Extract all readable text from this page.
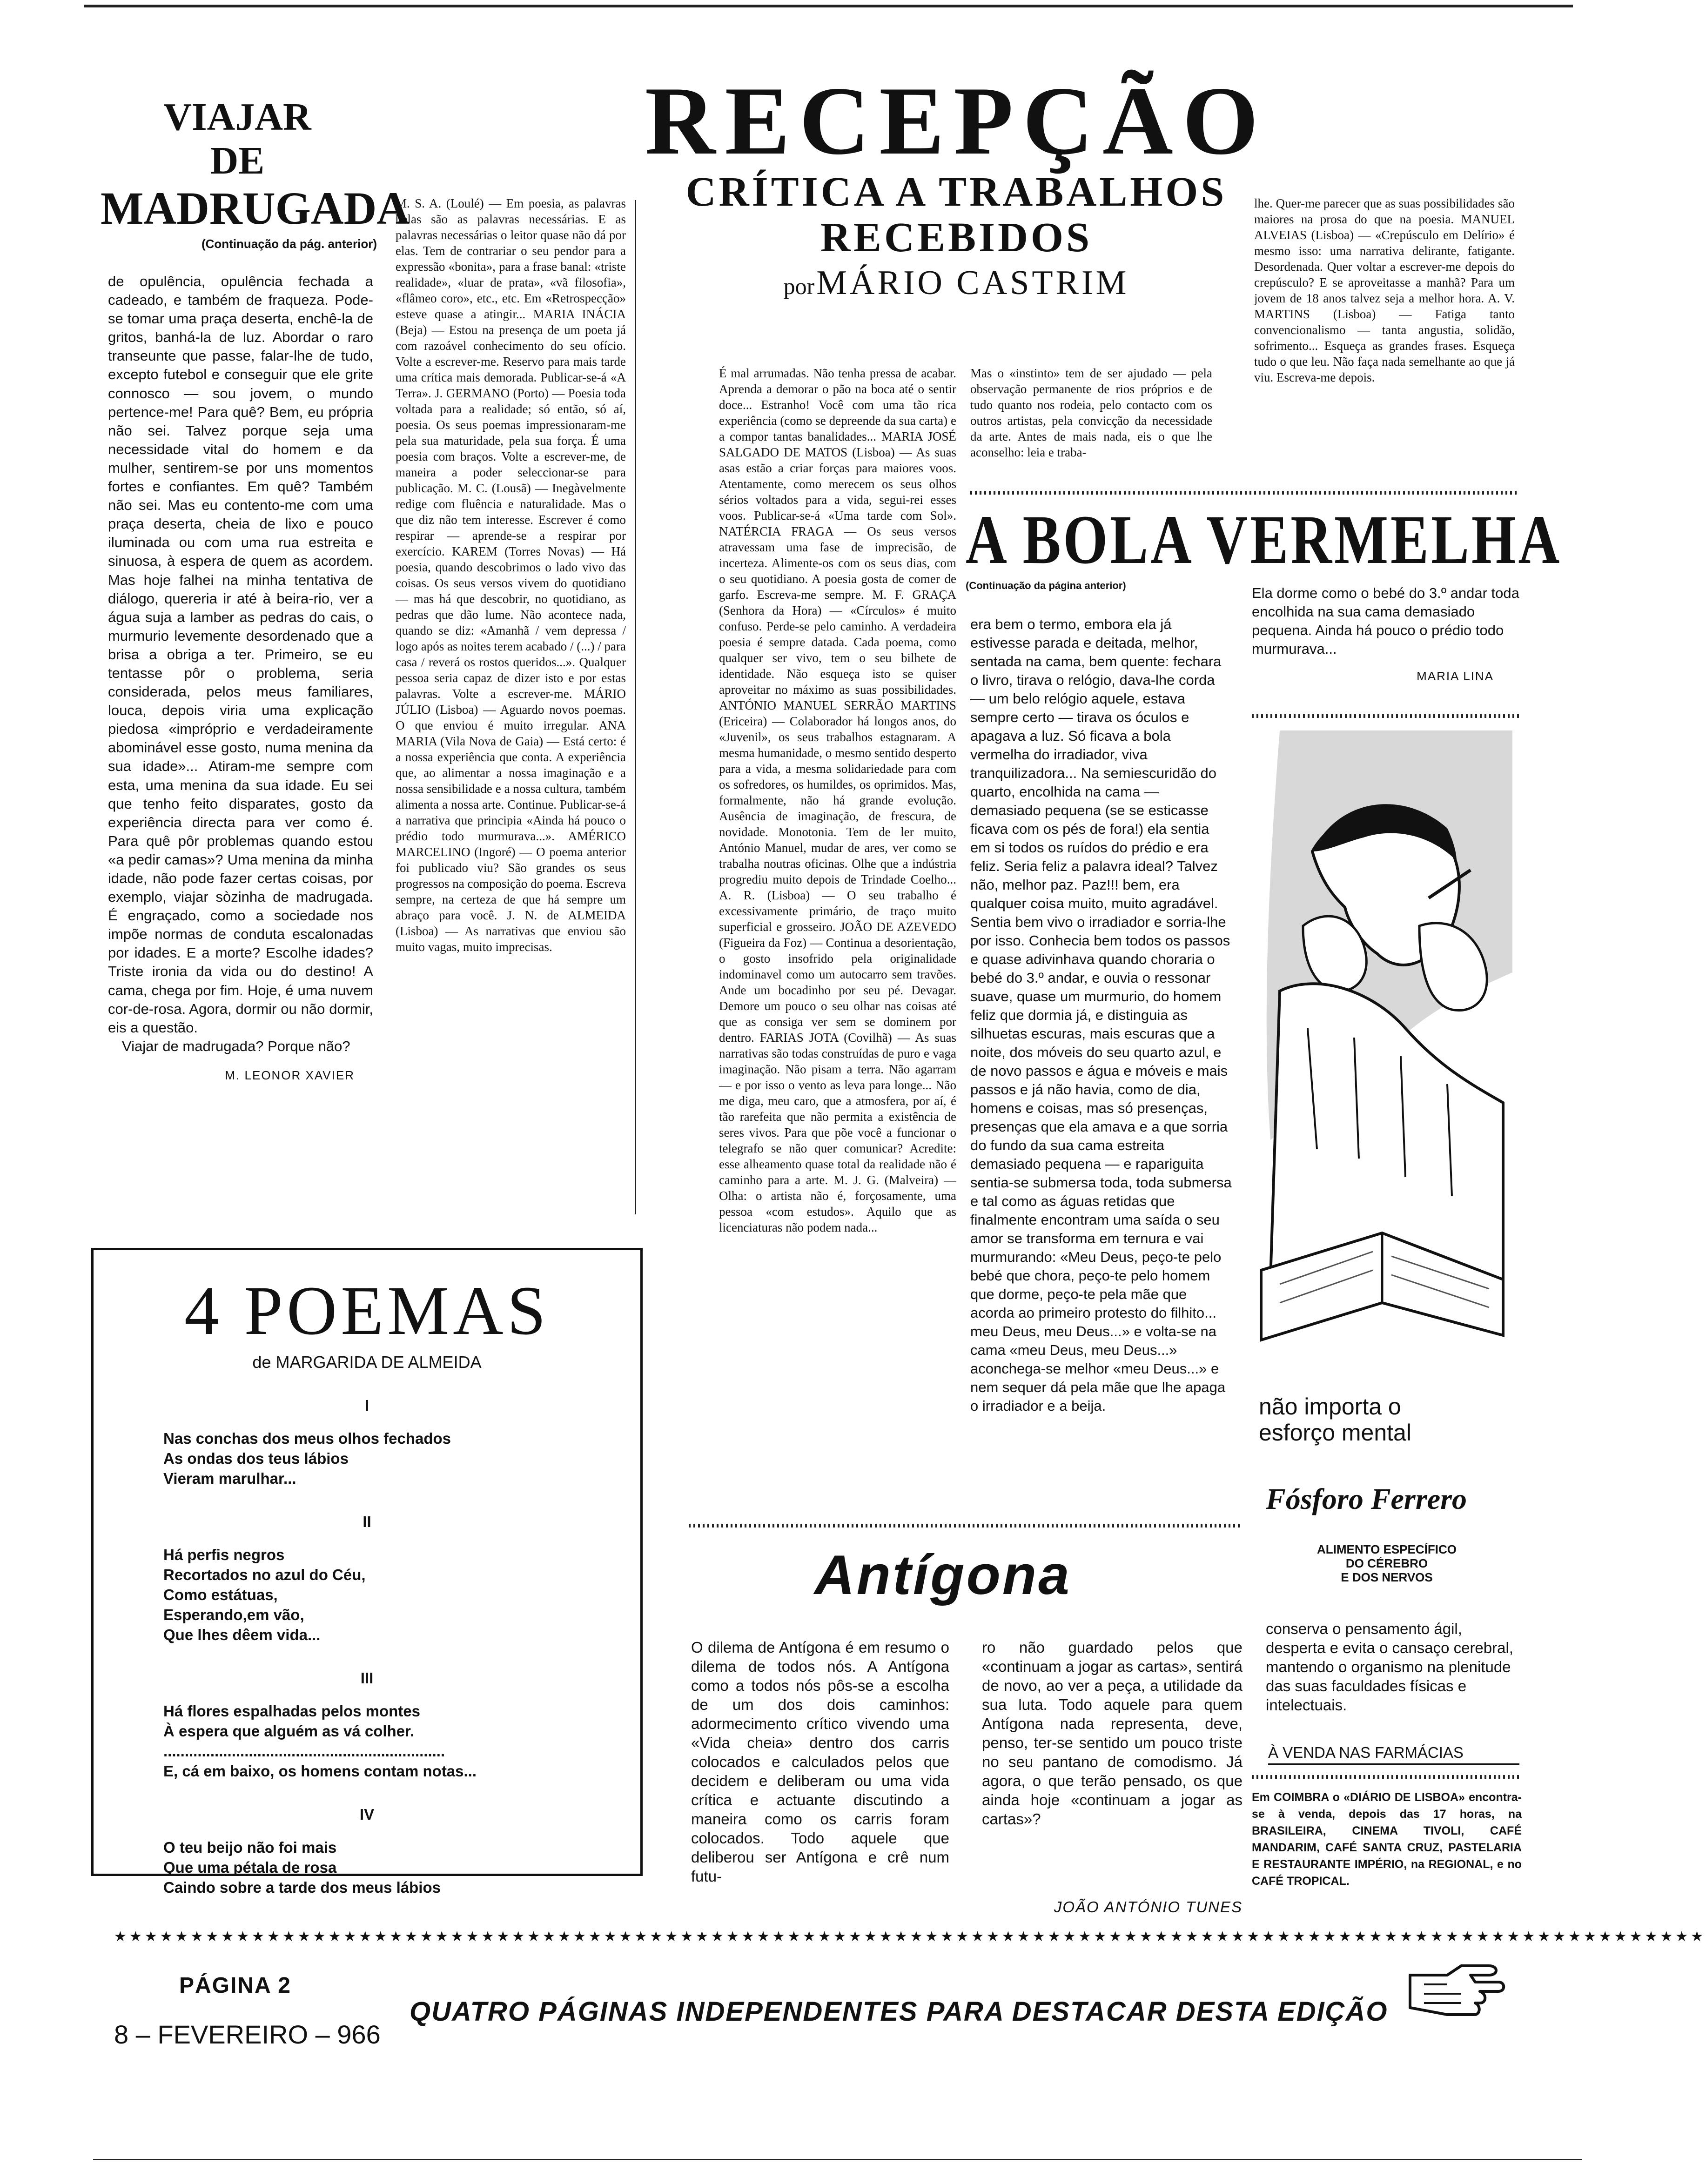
VIAJAR
DE
MADRUGADA
(Continuação da pág. anterior)

de opulência, opulência fechada a cadeado, e também de fraqueza. Pode-se tomar uma praça deserta, enchê-la de gritos, banhá-la de luz. Abordar o raro transeunte que passe, falar-lhe de tudo, excepto futebol e conseguir que ele grite connosco — sou jovem, o mundo pertence-me! Para quê? Bem, eu própria não sei. Talvez porque seja uma necessidade vital do homem e da mulher, sentirem-se por uns momentos fortes e confiantes. Em quê? Também não sei. Mas eu contento-me com uma praça deserta, cheia de lixo e pouco iluminada ou com uma rua estreita e sinuosa, à espera de quem as acordem. Mas hoje falhei na minha tentativa de diálogo, quereria ir até à beira-rio, ver a água suja a lamber as pedras do cais, o murmurio levemente desordenado que a brisa a obriga a ter. Primeiro, se eu tentasse pôr o problema, seria considerada, pelos meus familiares, louca, depois viria uma explicação piedosa «impróprio e verdadeiramente abominável esse gosto, numa menina da sua idade»... Atiram-me sempre com esta, uma menina da sua idade. Eu sei que tenho feito disparates, gosto da experiência directa para ver como é. Para quê pôr problemas quando estou «a pedir camas»? Uma menina da minha idade, não pode fazer certas coisas, por exemplo, viajar sòzinha de madrugada. É engraçado, como a sociedade nos impõe normas de conduta escalonadas por idades. E a morte? Escolhe idades? Triste ironia da vida ou do destino! A cama, chega por fim. Hoje, é uma nuvem cor-de-rosa. Agora, dormir ou não dormir, eis a questão.

Viajar de madrugada? Porque não?

M. LEONOR XAVIER

RECEPÇÃO
CRÍTICA A TRABALHOS
RECEBIDOS
por MÁRIO CASTRIM

M. S. A. (Loulé) — Em poesia, as palavras belas são as palavras necessárias. E as palavras necessárias o leitor quase não dá por elas. Tem de contrariar o seu pendor para a expressão «bonita», para a frase banal: «triste realidade», «luar de prata», «vã filosofia», «flâmeo coro», etc., etc. Em «Retrospecção» esteve quase a atingir... MARIA INÁCIA (Beja) — Estou na presença de um poeta já com razoável conhecimento do seu ofício. Volte a escrever-me. Reservo para mais tarde uma crítica mais demorada. Publicar-se-á «A Terra». J. GERMANO (Porto) — Poesia toda voltada para a realidade; só então, só aí, poesia. Os seus poemas impressionaram-me pela sua maturidade, pela sua força. É uma poesia com braços. Volte a escrever-me, de maneira a poder seleccionar-se para publicação. M. C. (Lousã) — Inegàvelmente redige com fluência e naturalidade. Mas o que diz não tem interesse. Escrever é como respirar — aprende-se a respirar por exercício. KAREM (Torres Novas) — Há poesia, quando descobrimos o lado vivo das coisas. Os seus versos vivem do quotidiano — mas há que descobrir, no quotidiano, as pedras que dão lume. Não acontece nada, quando se diz: «Amanhã / vem depressa / logo após as noites terem acabado / (...) / para casa / reverá os rostos queridos...». Qualquer pessoa seria capaz de dizer isto e por estas palavras. Volte a escrever-me. MÁRIO JÚLIO (Lisboa) — Aguardo novos poemas. O que enviou é muito irregular. ANA MARIA (Vila Nova de Gaia) — Está certo: é a nossa experiência que conta. A experiência que, ao alimentar a nossa imaginação e a nossa sensibilidade e a nossa cultura, também alimenta a nossa arte. Continue. Publicar-se-á a narrativa que principia «Ainda há pouco o prédio todo murmurava...». AMÉRICO MARCELINO (Ingoré) — O poema anterior foi publicado viu? São grandes os seus progressos na composição do poema. Escreva sempre, na certeza de que há sempre um abraço para você. J. N. de ALMEIDA (Lisboa) — As narrativas que enviou são muito vagas, muito imprecisas.

É mal arrumadas. Não tenha pressa de acabar. Aprenda a demorar o pão na boca até o sentir doce... Estranho! Você com uma tão rica experiência (como se depreende da sua carta) e a compor tantas banalidades... MARIA JOSÉ SALGADO DE MATOS (Lisboa) — As suas asas estão a criar forças para maiores voos. Atentamente, como merecem os seus olhos sérios voltados para a vida, segui-rei esses voos. Publicar-se-á «Uma tarde com Sol». NATÉRCIA FRAGA — Os seus versos atravessam uma fase de imprecisão, de incerteza. Alimente-os com os seus dias, com o seu quotidiano. A poesia gosta de comer de garfo. Escreva-me sempre. M. F. GRAÇA (Senhora da Hora) — «Círculos» é muito confuso. Perde-se pelo caminho. A verdadeira poesia é sempre datada. Cada poema, como qualquer ser vivo, tem o seu bilhete de identidade. Não esqueça isto se quiser aproveitar no máximo as suas possibilidades. ANTÓNIO MANUEL SERRÃO MARTINS (Ericeira) — Colaborador há longos anos, do «Juvenil», os seus trabalhos estagnaram. A mesma humanidade, o mesmo sentido desperto para a vida, a mesma solidariedade para com os sofredores, os humildes, os oprimidos. Mas, formalmente, não há grande evolução. Ausência de imaginação, de frescura, de novidade. Monotonia. Tem de ler muito, António Manuel, mudar de ares, ver como se trabalha noutras oficinas. Olhe que a indústria progrediu muito depois de Trindade Coelho... A. R. (Lisboa) — O seu trabalho é excessivamente primário, de traço muito superficial e grosseiro. JOÃO DE AZEVEDO (Figueira da Foz) — Continua a desorientação, o gosto insofrido pela originalidade indominavel como um autocarro sem travões. Ande um bocadinho por seu pé. Devagar. Demore um pouco o seu olhar nas coisas até que as consiga ver sem se dominem por dentro. FARIAS JOTA (Covilhã) — As suas narrativas são todas construídas de puro e vaga imaginação. Não pisam a terra. Não agarram — e por isso o vento as leva para longe... Não me diga, meu caro, que a atmosfera, por aí, é tão rarefeita que não permita a existência de seres vivos. Para que põe você a funcionar o telegrafo se não quer comunicar? Acredite: esse alheamento quase total da realidade não é caminho para a arte. M. J. G. (Malveira) — Olha: o artista não é, forçosamente, uma pessoa «com estudos». Aquilo que as licenciaturas não podem nada...

Mas o «instinto» tem de ser ajudado — pela observação permanente de rios próprios e de tudo quanto nos rodeia, pelo contacto com os outros artistas, pela convicção da necessidade da arte. Antes de mais nada, eis o que lhe aconselho: leia e traba-

lhe. Quer-me parecer que as suas possibilidades são maiores na prosa do que na poesia. MANUEL ALVEIAS (Lisboa) — «Crepúsculo em Delírio» é mesmo isso: uma narrativa delirante, fatigante. Desordenada. Quer voltar a escrever-me depois do crepúsculo? E se aproveitasse a manhã? Para um jovem de 18 anos talvez seja a melhor hora. A. V. MARTINS (Lisboa) — Fatiga tanto convencionalismo — tanta angustia, solidão, sofrimento... Esqueça as grandes frases. Esqueça tudo o que leu. Não faça nada semelhante ao que já viu. Escreva-me depois.

A BOLA VERMELHA
(Continuação da página anterior)

era bem o termo, embora ela já estivesse parada e deitada, melhor, sentada na cama, bem quente: fechara o livro, tirava o relógio, dava-lhe corda — um belo relógio aquele, estava sempre certo — tirava os óculos e apagava a luz. Só ficava a bola vermelha do irradiador, viva tranquilizadora... Na semiescuridão do quarto, encolhida na cama — demasiado pequena (se se esticasse ficava com os pés de fora!) ela sentia em si todos os ruídos do prédio e era feliz. Seria feliz a palavra ideal? Talvez não, melhor paz. Paz!!! bem, era qualquer coisa muito, muito agradável. Sentia bem vivo o irradiador e sorria-lhe por isso. Conhecia bem todos os passos e quase adivinhava quando choraria o bebé do 3.º andar, e ouvia o ressonar suave, quase um murmurio, do homem feliz que dormia já, e distinguia as silhuetas escuras, mais escuras que a noite, dos móveis do seu quarto azul, e de novo passos e água e móveis e mais passos e já não havia, como de dia, homens e coisas, mas só presenças, presenças que ela amava e a que sorria do fundo da sua cama estreita demasiado pequena — e rapariguita sentia-se submersa toda, toda submersa e tal como as águas retidas que finalmente encontram uma saída o seu amor se transforma em ternura e vai murmurando: «Meu Deus, peço-te pelo bebé que chora, peço-te pelo homem que dorme, peço-te pela mãe que acorda ao primeiro protesto do filhito... meu Deus, meu Deus...» e volta-se na cama «meu Deus, meu Deus...» aconchega-se melhor «meu Deus...» e nem sequer dá pela mãe que lhe apaga o irradiador e a beija.

Ela dorme como o bebé do 3.º andar toda encolhida na sua cama demasiado pequena. Ainda há pouco o prédio todo murmurava...

MARIA LINA

não importa o
esforço mental
Fósforo Ferrero
ALIMENTO ESPECÍFICO
DO CÉREBRO
E DOS NERVOS
conserva o pensamento ágil, desperta e evita o cansaço cerebral, mantendo o organismo na plenitude das suas faculdades físicas e intelectuais.
À VENDA NAS FARMÁCIAS
Em COIMBRA o «DIÁRIO DE LISBOA» encontra-se à venda, depois das 17 horas, na BRASILEIRA, CINEMA TIVOLI, CAFÉ MANDARIM, CAFÉ SANTA CRUZ, PASTELARIA E RESTAURANTE IMPÉRIO, na REGIONAL, e no CAFÉ TROPICAL.
4 POEMAS
de MARGARIDA DE ALMEIDA
I
Nas conchas dos meus olhos fechados
As ondas dos teus lábios
Vieram marulhar...
II
Há perfis negros
Recortados no azul do Céu,
Como estátuas,
Esperando,em vão,
Que lhes dêem vida...
III
Há flores espalhadas pelos montes
À espera que alguém as vá colher.
..................................................................
E, cá em baixo, os homens contam notas...
IV
O teu beijo não foi mais
Que uma pétala de rosa
Caindo sobre a tarde dos meus lábios
Antígona

O dilema de Antígona é em resumo o dilema de todos nós. A Antígona como a todos nós pôs-se a escolha de um dos dois caminhos: adormecimento crítico vivendo uma «Vida cheia» dentro dos carris colocados e calculados pelos que decidem e deliberam ou uma vida crítica e actuante discutindo a maneira como os carris foram colocados. Todo aquele que deliberou ser Antígona e crê num futu-

ro não guardado pelos que «continuam a jogar as cartas», sentirá de novo, ao ver a peça, a utilidade da sua luta. Todo aquele para quem Antígona nada representa, deve, penso, ter-se sentido um pouco triste no seu pantano de comodismo. Já agora, o que terão pensado, os que ainda hoje «continuam a jogar as cartas»?

JOÃO ANTÓNIO TUNES
★★★★★★★★★★★★★★★★★★★★★★★★★★★★★★★★★★★★★★★★★★★★★★★★★★★★★★★★★★★★★★★★★★★★★★★★★★★★★★★★★★★★★★★★★★★★★★★★★★★★★★★★
PÁGINA 2
QUATRO PÁGINAS INDEPENDENTES PARA DESTACAR DESTA EDIÇÃO
8 – FEVEREIRO – 966
